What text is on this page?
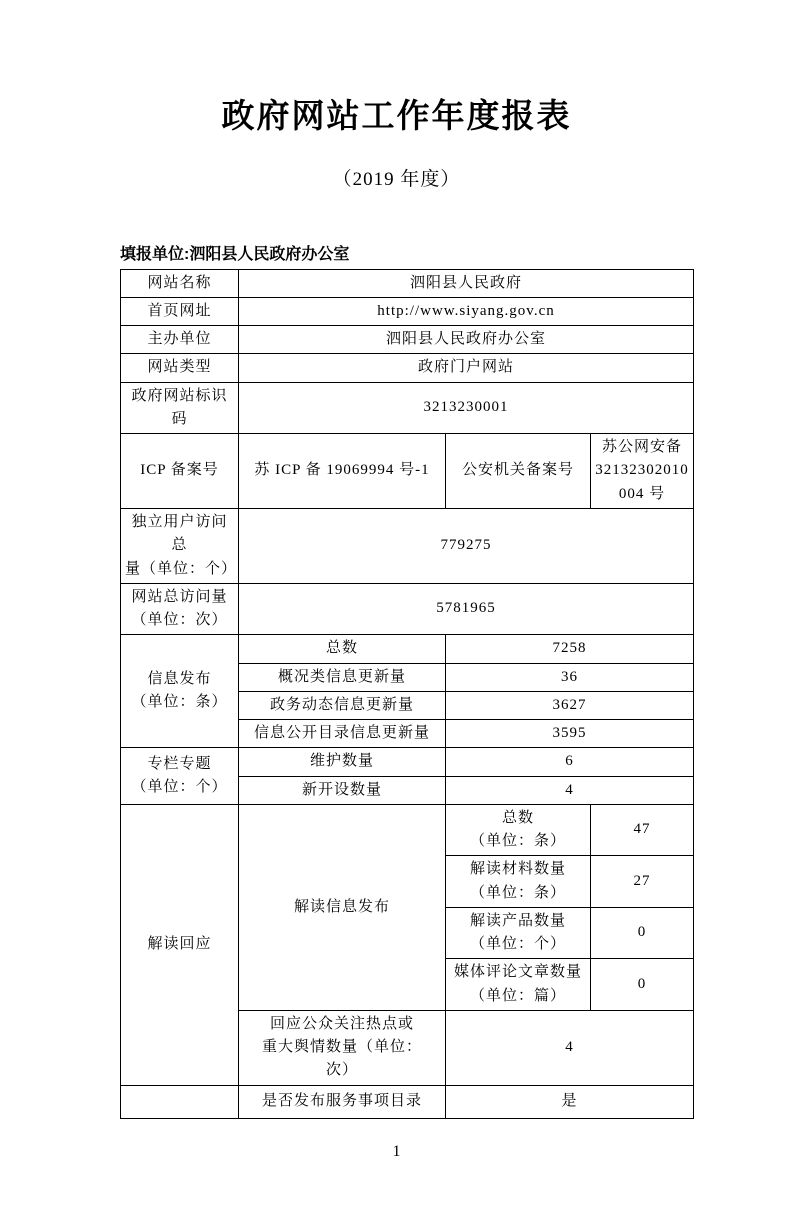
政府网站工作年度报表
（2019 年度）
填报单位:泗阳县人民政府办公室
网站名称	泗阳县人民政府		
首页网址	http://www.siyang.gov.cn		
主办单位	泗阳县人民政府办公室		
网站类型	政府门户网站		
政府网站标识码	3213230001		
ICP 备案号	苏 ICP 备 19069994 号-1	公安机关备案号	苏公网安备
32132302010
004 号
独立用户访问总
量（单位：个）	779275		
网站总访问量
（单位：次）	5781965		
信息发布
（单位：条）	总数	7258	
	概况类信息更新量	36	
	政务动态信息更新量	3627	
	信息公开目录信息更新量	3595	
专栏专题
（单位：个）	维护数量	6	
	新开设数量	4	
解读回应	解读信息发布	总数
（单位：条）	47
		解读材料数量
（单位：条）	27
		解读产品数量
（单位：个）	0
		媒体评论文章数量
（单位：篇）	0
	回应公众关注热点或
重大舆情数量（单位：
次）	4	
	是否发布服务事项目录	是	
1
